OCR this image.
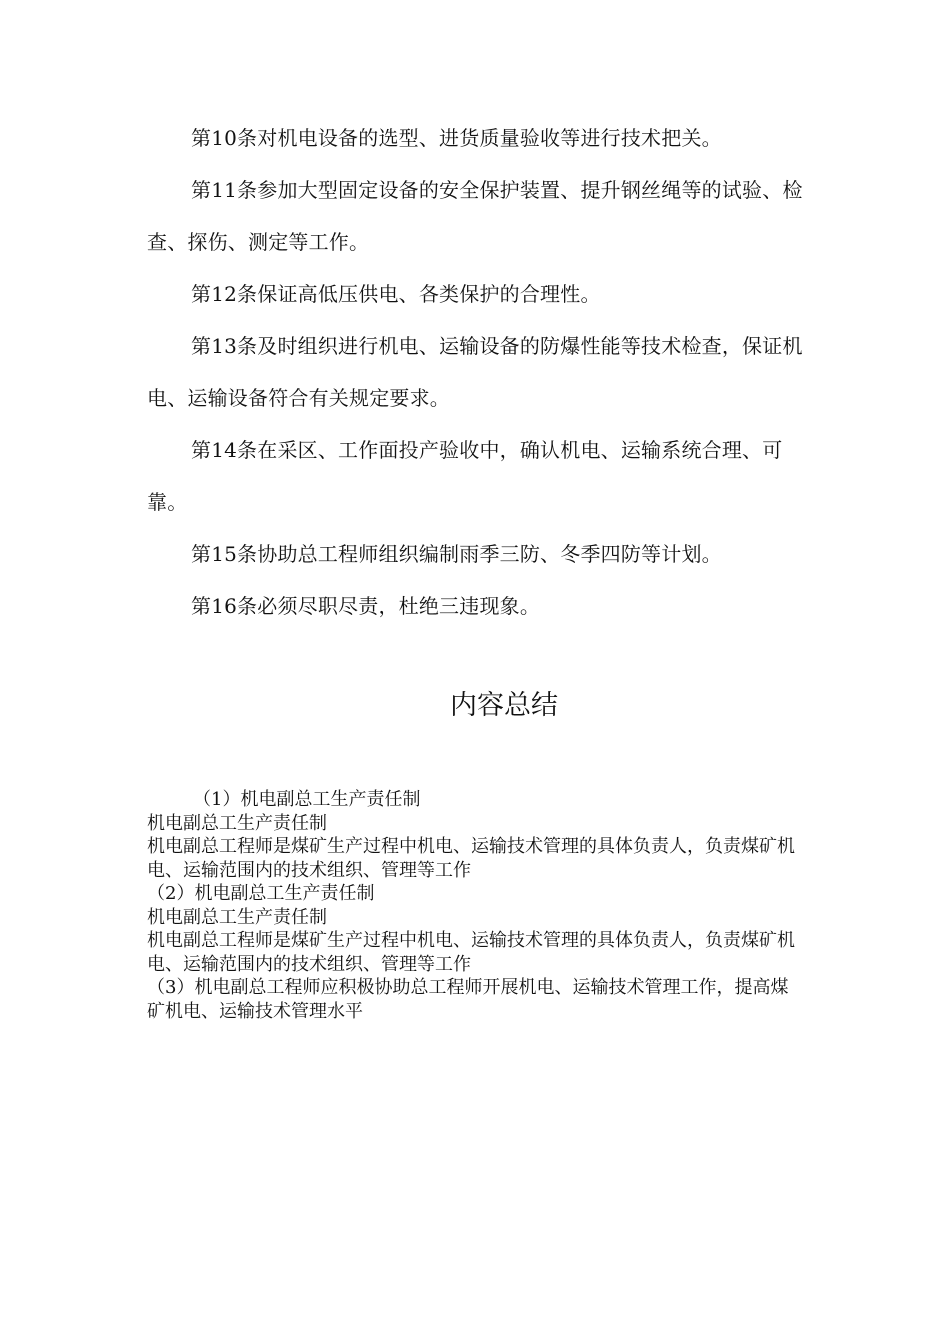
第10条对机电设备的选型、进货质量验收等进行技术把关。

第11条参加大型固定设备的安全保护装置、提升钢丝绳等的试验、检查、探伤、测定等工作。

第12条保证高低压供电、各类保护的合理性。

第13条及时组织进行机电、运输设备的防爆性能等技术检查，保证机电、运输设备符合有关规定要求。

第14条在采区、工作面投产验收中，确认机电、运输系统合理、可靠。

第15条协助总工程师组织编制雨季三防、冬季四防等计划。

第16条必须尽职尽责，杜绝三违现象。

内容总结

（1）机电副总工生产责任制

机电副总工生产责任制

机电副总工程师是煤矿生产过程中机电、运输技术管理的具体负责人，负责煤矿机电、运输范围内的技术组织、管理等工作

（2）机电副总工生产责任制

机电副总工生产责任制

机电副总工程师是煤矿生产过程中机电、运输技术管理的具体负责人，负责煤矿机电、运输范围内的技术组织、管理等工作

（3）机电副总工程师应积极协助总工程师开展机电、运输技术管理工作，提高煤矿机电、运输技术管理水平
